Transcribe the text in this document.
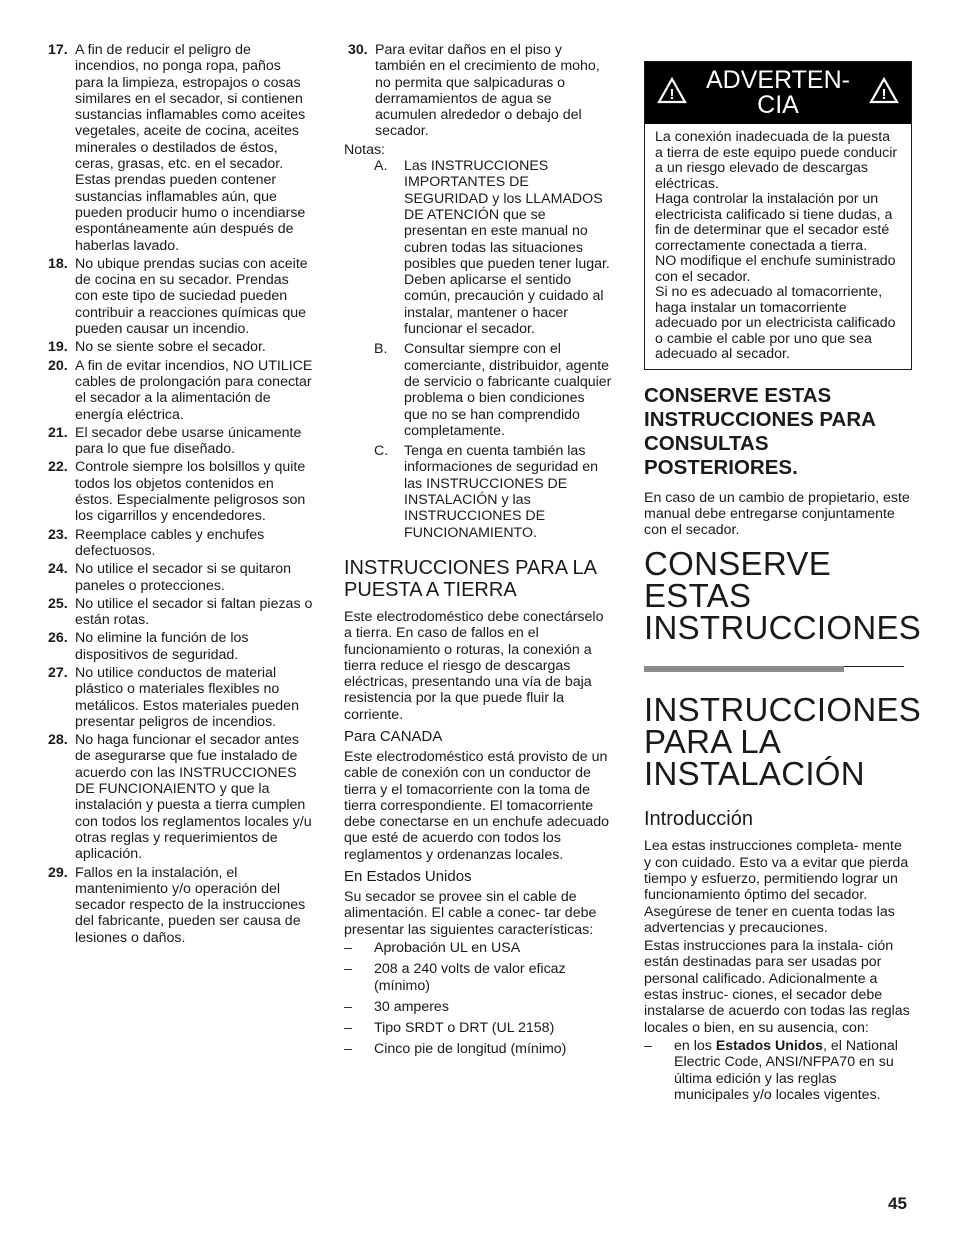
17. A fin de reducir el peligro de incendios, no ponga ropa, paños para la limpieza, estropajos o cosas similares en el secador, si contienen sustancias inflamables como aceites vegetales, aceite de cocina, aceites minerales o destilados de éstos, ceras, grasas, etc. en el secador. Estas prendas pueden contener sustancias inflamables aún, que pueden producir humo o incendiarse espontáneamente aún después de haberlas lavado.
18. No ubique prendas sucias con aceite de cocina en su secador. Prendas con este tipo de suciedad pueden contribuir a reacciones químicas que pueden causar un incendio.
19. No se siente sobre el secador.
20. A fin de evitar incendios, NO UTILICE cables de prolongación para conectar el secador a la alimentación de energía eléctrica.
21. El secador debe usarse únicamente para lo que fue diseñado.
22. Controle siempre los bolsillos y quite todos los objetos contenidos en éstos. Especialmente peligrosos son los cigarrillos y encendedores.
23. Reemplace cables y enchufes defectuosos.
24. No utilice el secador si se quitaron paneles o protecciones.
25. No utilice el secador si faltan piezas o están rotas.
26. No elimine la función de los dispositivos de seguridad.
27. No utilice conductos de material plástico o materiales flexibles no metálicos. Estos materiales pueden presentar peligros de incendios.
28. No haga funcionar el secador antes de asegurarse que fue instalado de acuerdo con las INSTRUCCIONES DE FUNCIONAIENTO y que la instalación y puesta a tierra cumplen con todos los reglamentos locales y/u otras reglas y requerimientos de aplicación.
29. Fallos en la instalación, el mantenimiento y/o operación del secador respecto de la instrucciones del fabricante, pueden ser causa de lesiones o daños.
30. Para evitar daños en el piso y también en el crecimiento de moho, no permita que salpicaduras o derramamientos de agua se acumulen alrededor o debajo del secador.
Notas:
A.	Las INSTRUCCIONES IMPORTANTES DE SEGURIDAD y los LLAMADOS DE ATENCIÓN que se presentan en este manual no cubren todas las situaciones posibles que pueden tener lugar. Deben aplicarse el sentido común, precaución y cuidado al instalar, mantener o hacer funcionar el secador.
B.	Consultar siempre con el comerciante, distribuidor, agente de servicio o fabricante cualquier problema o bien condiciones que no se han comprendido completamente.
C.	Tenga en cuenta también las informaciones de seguridad en las INSTRUCCIONES DE INSTALACIÓN y las INSTRUCCIONES DE FUNCIONAMIENTO.
INSTRUCCIONES PARA LA PUESTA A TIERRA

Este electrodoméstico debe conectárselo a tierra. En caso de fallos en el funcionamiento o roturas, la conexión a tierra reduce el riesgo de descargas eléctricas, presentando una vía de baja resistencia por la que puede fluir la corriente.

Para CANADA

Este electrodoméstico está provisto de un cable de conexión con un conductor de tierra y el tomacorriente con la toma de tierra correspondiente. El tomacorriente debe conectarse en un enchufe adecuado que esté de acuerdo con todos los reglamentos y ordenanzas locales.

En Estados Unidos

Su secador se provee sin el cable de alimentación. El cable a conec- tar debe presentar las siguientes características:

–	Aprobación UL en USA
–	208 a 240 volts de valor eficaz (mínimo)
–	30 amperes
–	Tipo SRDT o DRT (UL 2158)
–	Cinco pie de longitud (mínimo)
!
ADVERTEN-
CIA	!
La conexión inadecuada de la puesta a tierra de este equipo puede conducir a un riesgo elevado de descargas eléctricas.
Haga controlar la instalación por un electricista calificado si tiene dudas, a fin de determinar que el secador esté correctamente conectada a tierra.
NO modifique el enchufe suministrado con el secador.
Si no es adecuado al tomacorriente, haga instalar un tomacorriente adecuado por un electricista calificado o cambie el cable por uno que sea adecuado al secador.
CONSERVE ESTAS INSTRUCCIONES PARA CONSULTAS POSTERIORES.

En caso de un cambio de propietario, este manual debe entregarse conjuntamente con el secador.

CONSERVE ESTAS INSTRUCCIONES
INSTRUCCIONES PARA LA INSTALACIÓN
Introducción

Lea estas instrucciones completa- mente y con cuidado. Esto va a evitar que pierda tiempo y esfuerzo, permitiendo lograr un funcionamiento óptimo del secador. Asegúrese de tener en cuenta todas las advertencias y precauciones.

Estas instrucciones para la instala- ción están destinadas para ser usadas por personal calificado. Adicionalmente a estas instruc- ciones, el secador debe instalarse de acuerdo con todas las reglas locales o bien, en su ausencia, con:

–	en los Estados Unidos, el National Electric Code, ANSI/NFPA70 en su última edición y las reglas municipales y/o locales vigentes.
45
